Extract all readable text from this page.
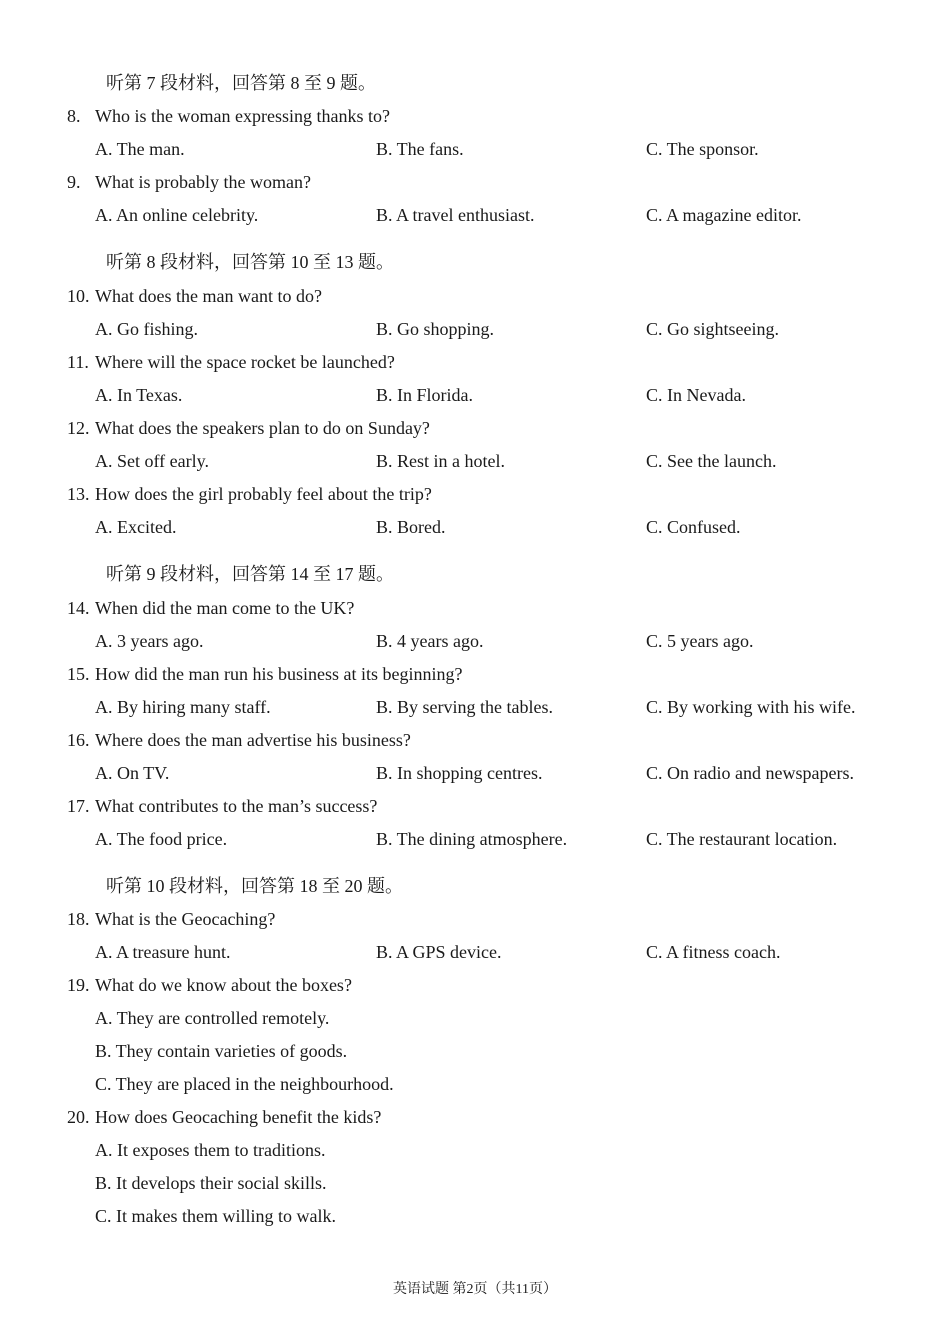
听第 7 段材料，回答第 8 至 9 题。
8. Who is the woman expressing thanks to?
A. The man.	B. The fans.	C. The sponsor.
9. What is probably the woman?
A. An online celebrity.	B. A travel enthusiast.	C. A magazine editor.
听第 8 段材料，回答第 10 至 13 题。
10. What does the man want to do?
A. Go fishing.	B. Go shopping.	C. Go sightseeing.
11. Where will the space rocket be launched?
A. In Texas.	B. In Florida.	C. In Nevada.
12. What does the speakers plan to do on Sunday?
A. Set off early.	B. Rest in a hotel.	C. See the launch.
13. How does the girl probably feel about the trip?
A. Excited.	B. Bored.	C. Confused.
听第 9 段材料，回答第 14 至 17 题。
14. When did the man come to the UK?
A. 3 years ago.	B. 4 years ago.	C. 5 years ago.
15. How did the man run his business at its beginning?
A. By hiring many staff.	B. By serving the tables.	C. By working with his wife.
16. Where does the man advertise his business?
A. On TV.	B. In shopping centres.	C. On radio and newspapers.
17. What contributes to the man’s success?
A. The food price.	B. The dining atmosphere.	C. The restaurant location.
听第 10 段材料，回答第 18 至 20 题。
18. What is the Geocaching?
A. A treasure hunt.	B. A GPS device.	C. A fitness coach.
19. What do we know about the boxes?
A. They are controlled remotely.
B. They contain varieties of goods.
C. They are placed in the neighbourhood.
20. How does Geocaching benefit the kids?
A. It exposes them to traditions.
B. It develops their social skills.
C. It makes them willing to walk.
英语试题 第2页（共11页）
